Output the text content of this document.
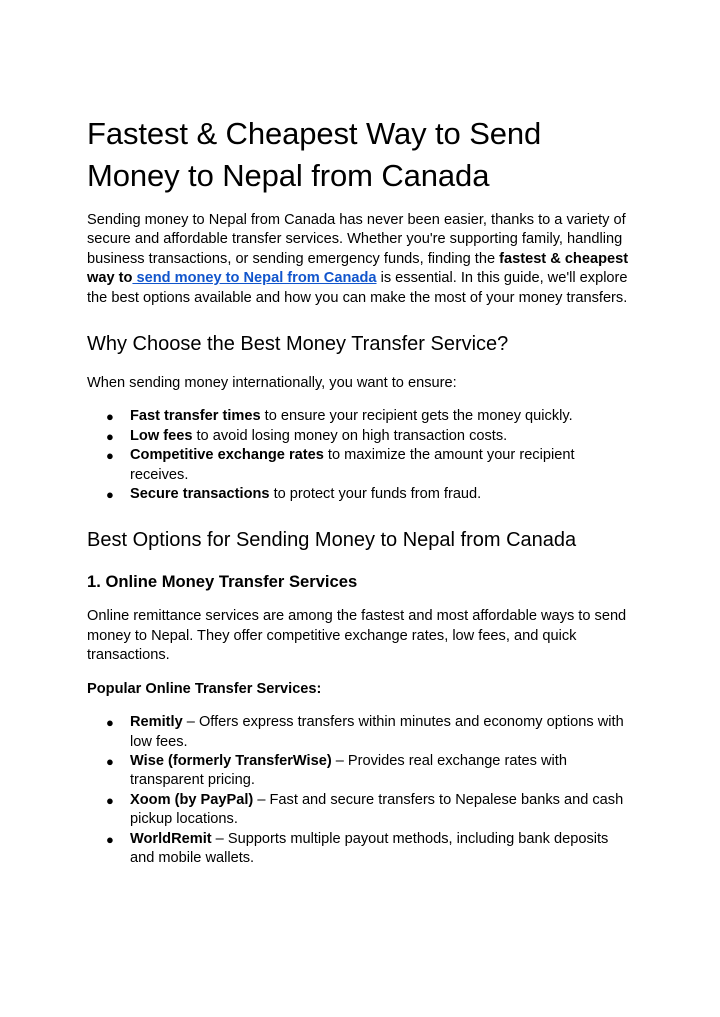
Fastest & Cheapest Way to Send Money to Nepal from Canada

Sending money to Nepal from Canada has never been easier, thanks to a variety of secure and affordable transfer services. Whether you're supporting family, handling business transactions, or sending emergency funds, finding the fastest & cheapest way to send money to Nepal from Canada is essential. In this guide, we'll explore the best options available and how you can make the most of your money transfers.

Why Choose the Best Money Transfer Service?

When sending money internationally, you want to ensure:

● Fast transfer times to ensure your recipient gets the money quickly.
● Low fees to avoid losing money on high transaction costs.
● Competitive exchange rates to maximize the amount your recipient receives.
● Secure transactions to protect your funds from fraud.
Best Options for Sending Money to Nepal from Canada
1. Online Money Transfer Services

Online remittance services are among the fastest and most affordable ways to send money to Nepal. They offer competitive exchange rates, low fees, and quick transactions.

Popular Online Transfer Services:

● Remitly – Offers express transfers within minutes and economy options with low fees.
● Wise (formerly TransferWise) – Provides real exchange rates with transparent pricing.
● Xoom (by PayPal) – Fast and secure transfers to Nepalese banks and cash pickup locations.
● WorldRemit – Supports multiple payout methods, including bank deposits and mobile wallets.
